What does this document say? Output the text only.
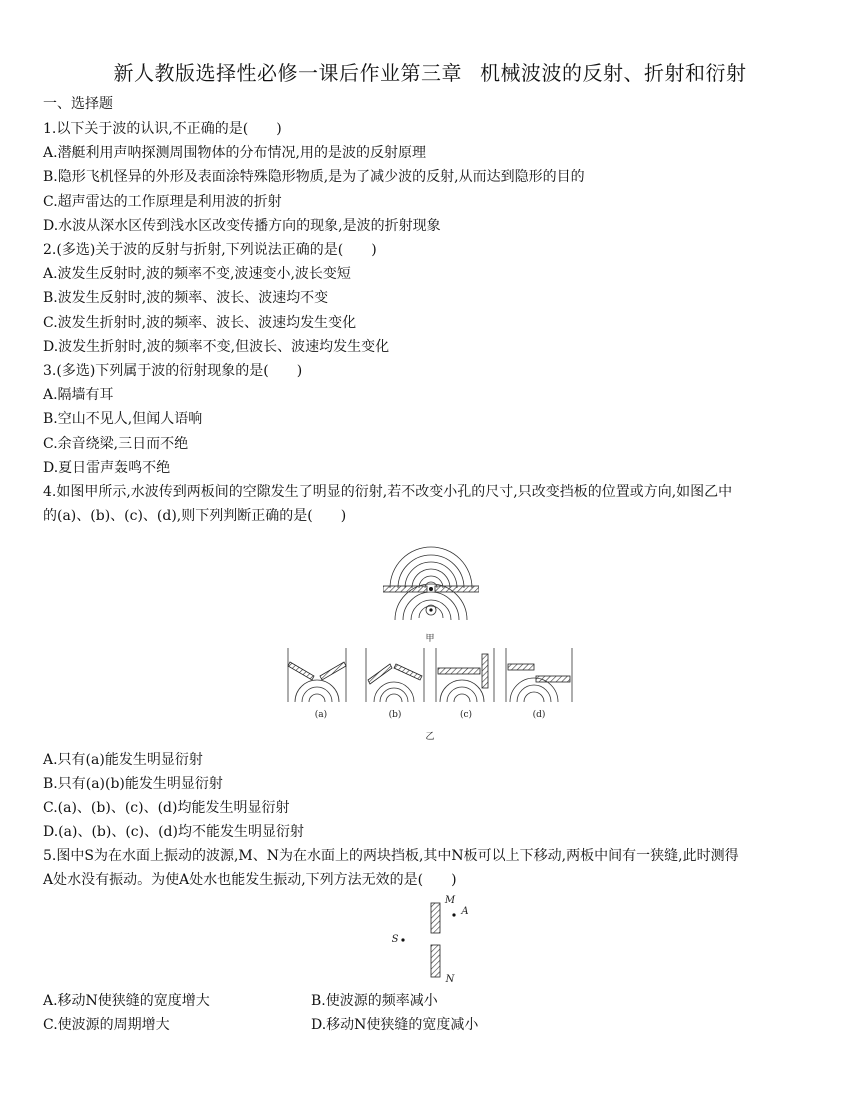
新人教版选择性必修一课后作业第三章 机械波波的反射、折射和衍射
一、选择题
1.以下关于波的认识,不正确的是(　　)
A.潜艇利用声呐探测周围物体的分布情况,用的是波的反射原理
B.隐形飞机怪异的外形及表面涂特殊隐形物质,是为了减少波的反射,从而达到隐形的目的
C.超声雷达的工作原理是利用波的折射
D.水波从深水区传到浅水区改变传播方向的现象,是波的折射现象
2.(多选)关于波的反射与折射,下列说法正确的是(　　)
A.波发生反射时,波的频率不变,波速变小,波长变短
B.波发生反射时,波的频率、波长、波速均不变
C.波发生折射时,波的频率、波长、波速均发生变化
D.波发生折射时,波的频率不变,但波长、波速均发生变化
3.(多选)下列属于波的衍射现象的是(　　)
A.隔墙有耳
B.空山不见人,但闻人语响
C.余音绕梁,三日而不绝
D.夏日雷声轰鸣不绝
4.如图甲所示,水波传到两板间的空隙发生了明显的衍射,若不改变小孔的尺寸,只改变挡板的位置或方向,如图乙中
的(a)、(b)、(c)、(d),则下列判断正确的是(　　)
甲
(a)	(b)	(c)	(d)
乙
A.只有(a)能发生明显衍射
B.只有(a)(b)能发生明显衍射
C.(a)、(b)、(c)、(d)均能发生明显衍射
D.(a)、(b)、(c)、(d)均不能发生明显衍射
5.图中S为在水面上振动的波源,M、N为在水面上的两块挡板,其中N板可以上下移动,两板中间有一狭缝,此时测得
A处水没有振动。为使A处水也能发生振动,下列方法无效的是(　　)
M
A
S
N
A.移动N使狭缝的宽度增大	B.使波源的频率减小
C.使波源的周期增大	D.移动N使狭缝的宽度减小
